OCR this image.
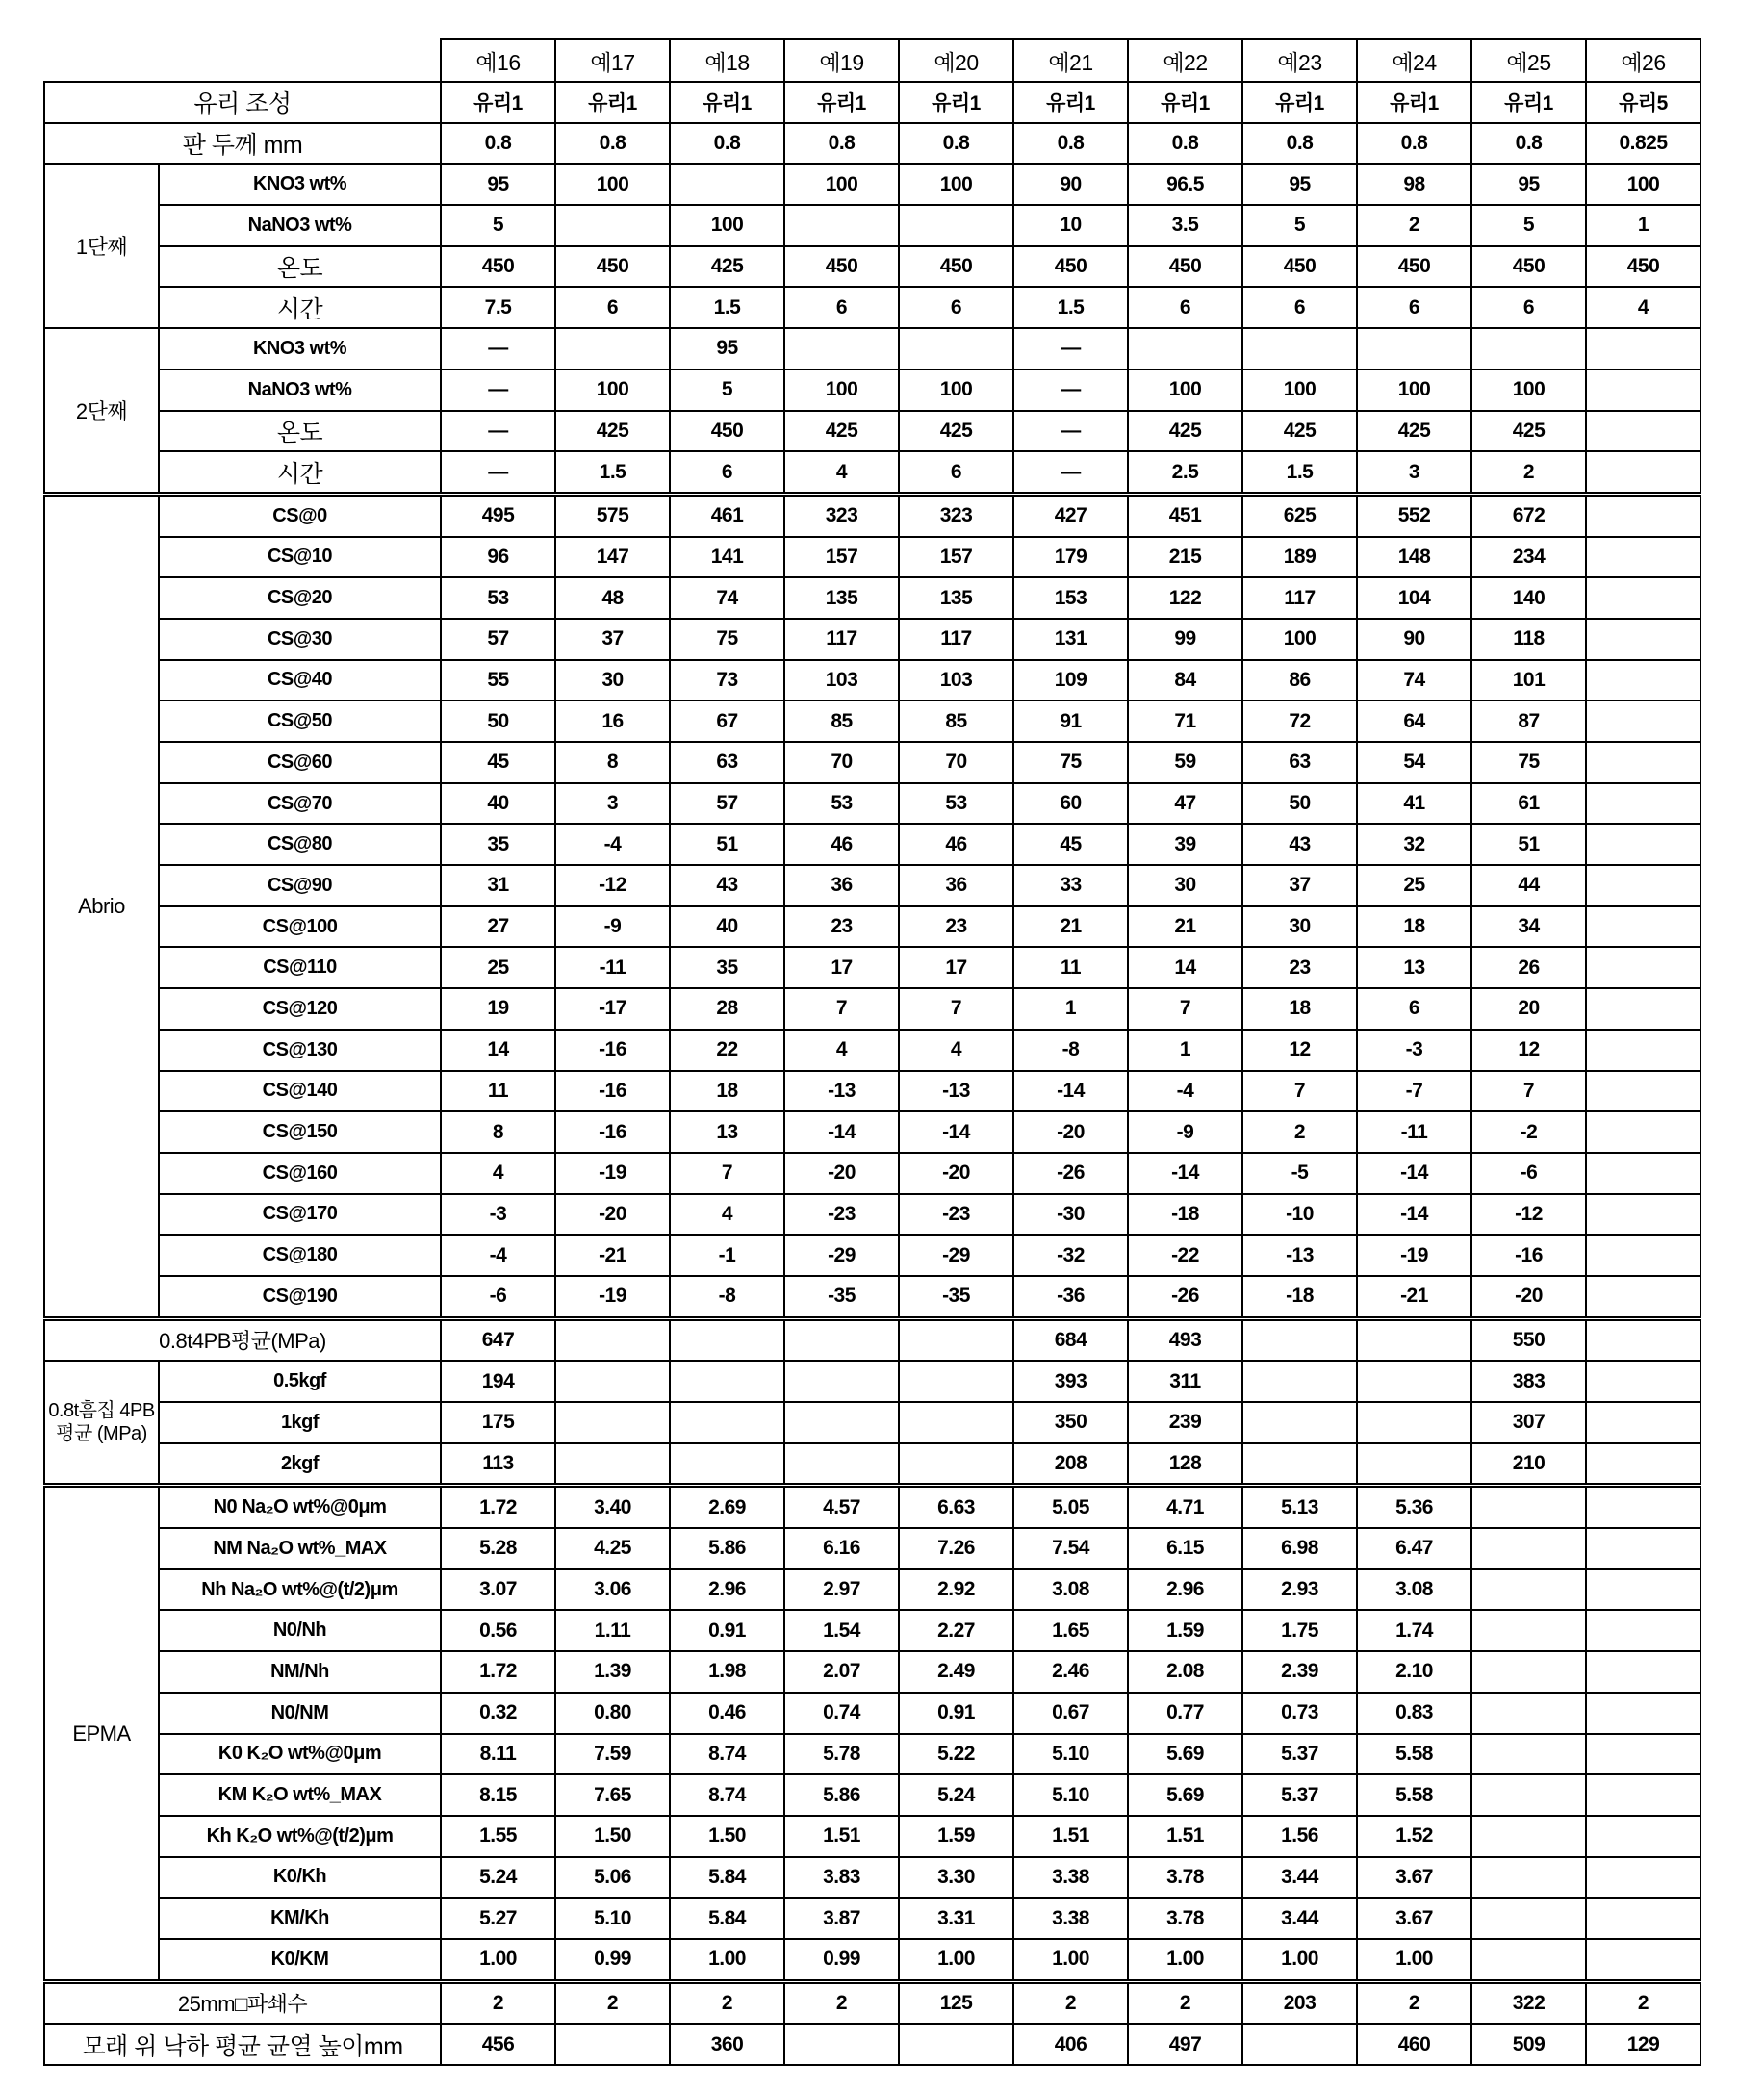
	예16	예17	예18	예19	예20	예21	예22	예23	예24	예25	예26
유리 조성	유리1	유리1	유리1	유리1	유리1	유리1	유리1	유리1	유리1	유리1	유리5
판 두께 mm	0.8	0.8	0.8	0.8	0.8	0.8	0.8	0.8	0.8	0.8	0.825
1단째	KNO3 wt%	95	100		100	100	90	96.5	95	98	95	100
NaNO3 wt%	5		100			10	3.5	5	2	5	1
온도	450	450	425	450	450	450	450	450	450	450	450
시간	7.5	6	1.5	6	6	1.5	6	6	6	6	4
2단째	KNO3 wt%	—		95			—					
NaNO3 wt%	—	100	5	100	100	—	100	100	100	100	
온도	—	425	450	425	425	—	425	425	425	425	
시간	—	1.5	6	4	6	—	2.5	1.5	3	2	
Abrio	CS@0	495	575	461	323	323	427	451	625	552	672	
CS@10	96	147	141	157	157	179	215	189	148	234	
CS@20	53	48	74	135	135	153	122	117	104	140	
CS@30	57	37	75	117	117	131	99	100	90	118	
CS@40	55	30	73	103	103	109	84	86	74	101	
CS@50	50	16	67	85	85	91	71	72	64	87	
CS@60	45	8	63	70	70	75	59	63	54	75	
CS@70	40	3	57	53	53	60	47	50	41	61	
CS@80	35	-4	51	46	46	45	39	43	32	51	
CS@90	31	-12	43	36	36	33	30	37	25	44	
CS@100	27	-9	40	23	23	21	21	30	18	34	
CS@110	25	-11	35	17	17	11	14	23	13	26	
CS@120	19	-17	28	7	7	1	7	18	6	20	
CS@130	14	-16	22	4	4	-8	1	12	-3	12	
CS@140	11	-16	18	-13	-13	-14	-4	7	-7	7	
CS@150	8	-16	13	-14	-14	-20	-9	2	-11	-2	
CS@160	4	-19	7	-20	-20	-26	-14	-5	-14	-6	
CS@170	-3	-20	4	-23	-23	-30	-18	-10	-14	-12	
CS@180	-4	-21	-1	-29	-29	-32	-22	-13	-19	-16	
CS@190	-6	-19	-8	-35	-35	-36	-26	-18	-21	-20	
0.8t4PB평균(MPa)	647					684	493			550	
0.8t흠집 4PB평균 (MPa)	0.5kgf	194					393	311			383	
1kgf	175					350	239			307	
2kgf	113					208	128			210	
EPMA	N0 Na₂O wt%@0μm	1.72	3.40	2.69	4.57	6.63	5.05	4.71	5.13	5.36		
NM Na₂O wt%_MAX	5.28	4.25	5.86	6.16	7.26	7.54	6.15	6.98	6.47		
Nh Na₂O wt%@(t/2)μm	3.07	3.06	2.96	2.97	2.92	3.08	2.96	2.93	3.08		
N0/Nh	0.56	1.11	0.91	1.54	2.27	1.65	1.59	1.75	1.74		
NM/Nh	1.72	1.39	1.98	2.07	2.49	2.46	2.08	2.39	2.10		
N0/NM	0.32	0.80	0.46	0.74	0.91	0.67	0.77	0.73	0.83		
K0 K₂O wt%@0μm	8.11	7.59	8.74	5.78	5.22	5.10	5.69	5.37	5.58		
KM K₂O wt%_MAX	8.15	7.65	8.74	5.86	5.24	5.10	5.69	5.37	5.58		
Kh K₂O wt%@(t/2)μm	1.55	1.50	1.50	1.51	1.59	1.51	1.51	1.56	1.52		
K0/Kh	5.24	5.06	5.84	3.83	3.30	3.38	3.78	3.44	3.67		
KM/Kh	5.27	5.10	5.84	3.87	3.31	3.38	3.78	3.44	3.67		
K0/KM	1.00	0.99	1.00	0.99	1.00	1.00	1.00	1.00	1.00		
25mm□파쇄수	2	2	2	2	125	2	2	203	2	322	2
모래 위 낙하 평균 균열 높이mm	456		360			406	497		460	509	129
